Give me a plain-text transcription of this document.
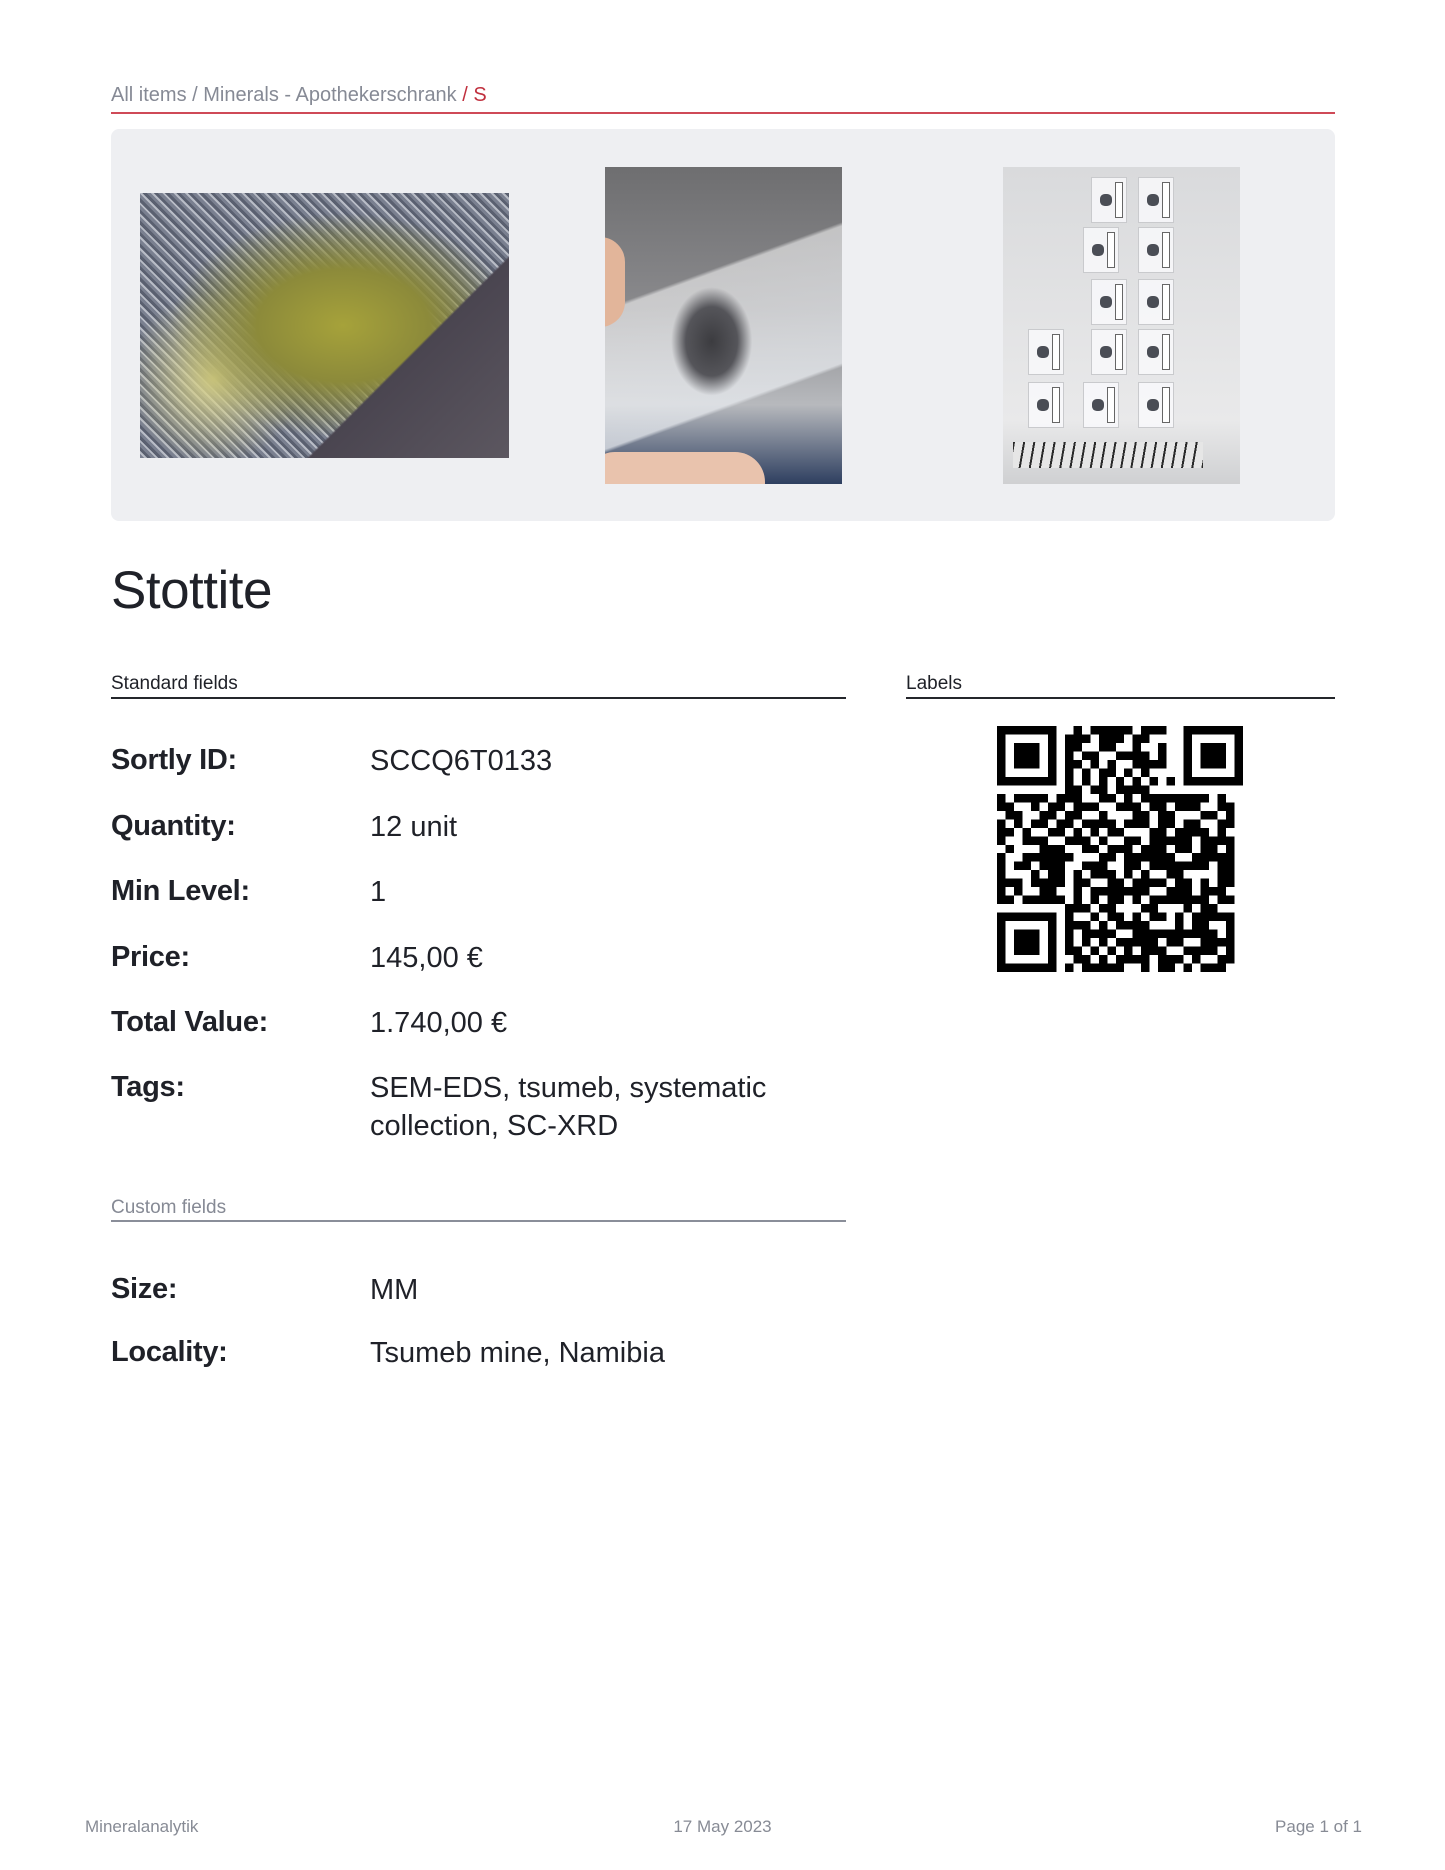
All items / Minerals - Apothekerschrank / S
Stottite
Standard fields
Sortly ID:	SCCQ6T0133
Quantity:	12 unit
Min Level:	1
Price:	145,00 €
Total Value:	1.740,00 €
Tags:	SEM-EDS, tsumeb, systematic collection, SC-XRD
Custom fields
Size:	MM
Locality:	Tsumeb mine, Namibia
Labels
Mineralanalytik	17 May 2023	Page 1 of 1
